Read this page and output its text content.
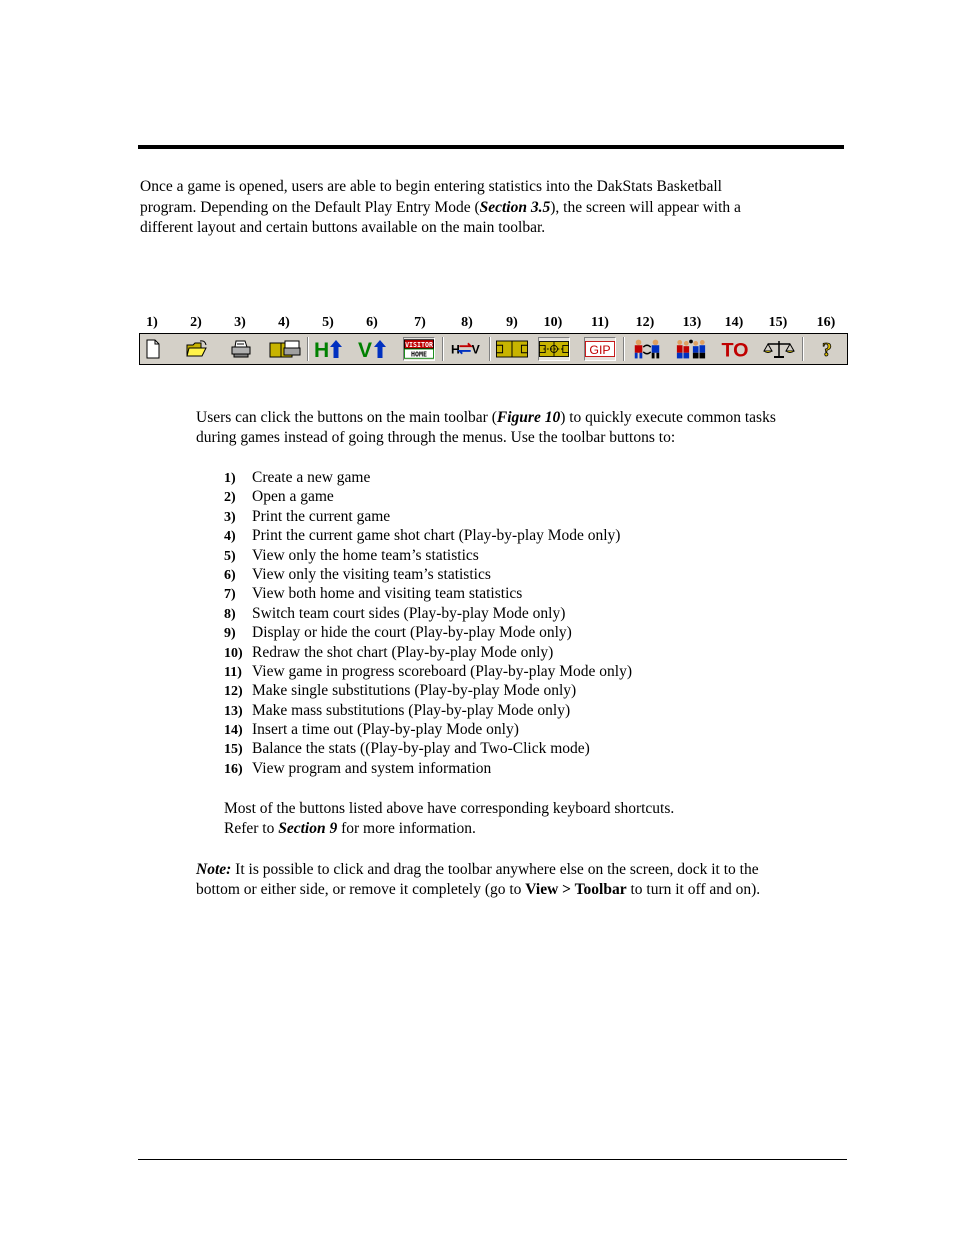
Once a game is opened, users are able to begin entering statistics into the DakStats Basketball
program. Depending on the Default Play Entry Mode (Section 3.5), the screen will appear with a
different layout and certain buttons available on the main toolbar.

1) 2) 3) 4) 5) 6)	7)	8) 9) 10) 11) 12) 13) 14) 15) 16)
H V	VISITOR
HOME H V	GIP	TO	?

Users can click the buttons on the main toolbar (Figure 10) to quickly execute common tasks
during games instead of going through the menus. Use the toolbar buttons to:

1) Create a new game
2) Open a game
3) Print the current game
4) Print the current game shot chart (Play-by-play Mode only)
5) View only the home team’s statistics
6) View only the visiting team’s statistics
7) View both home and visiting team statistics
8) Switch team court sides (Play-by-play Mode only)
9) Display or hide the court (Play-by-play Mode only)
10) Redraw the shot chart (Play-by-play Mode only)
11) View game in progress scoreboard (Play-by-play Mode only)
12) Make single substitutions (Play-by-play Mode only)
13) Make mass substitutions (Play-by-play Mode only)
14) Insert a time out (Play-by-play Mode only)
15) Balance the stats ((Play-by-play and Two-Click mode)
16) View program and system information

Most of the buttons listed above have corresponding keyboard shortcuts.
Refer to Section 9 for more information.

Note: It is possible to click and drag the toolbar anywhere else on the screen, dock it to the
bottom or either side, or remove it completely (go to View > Toolbar to turn it off and on).
